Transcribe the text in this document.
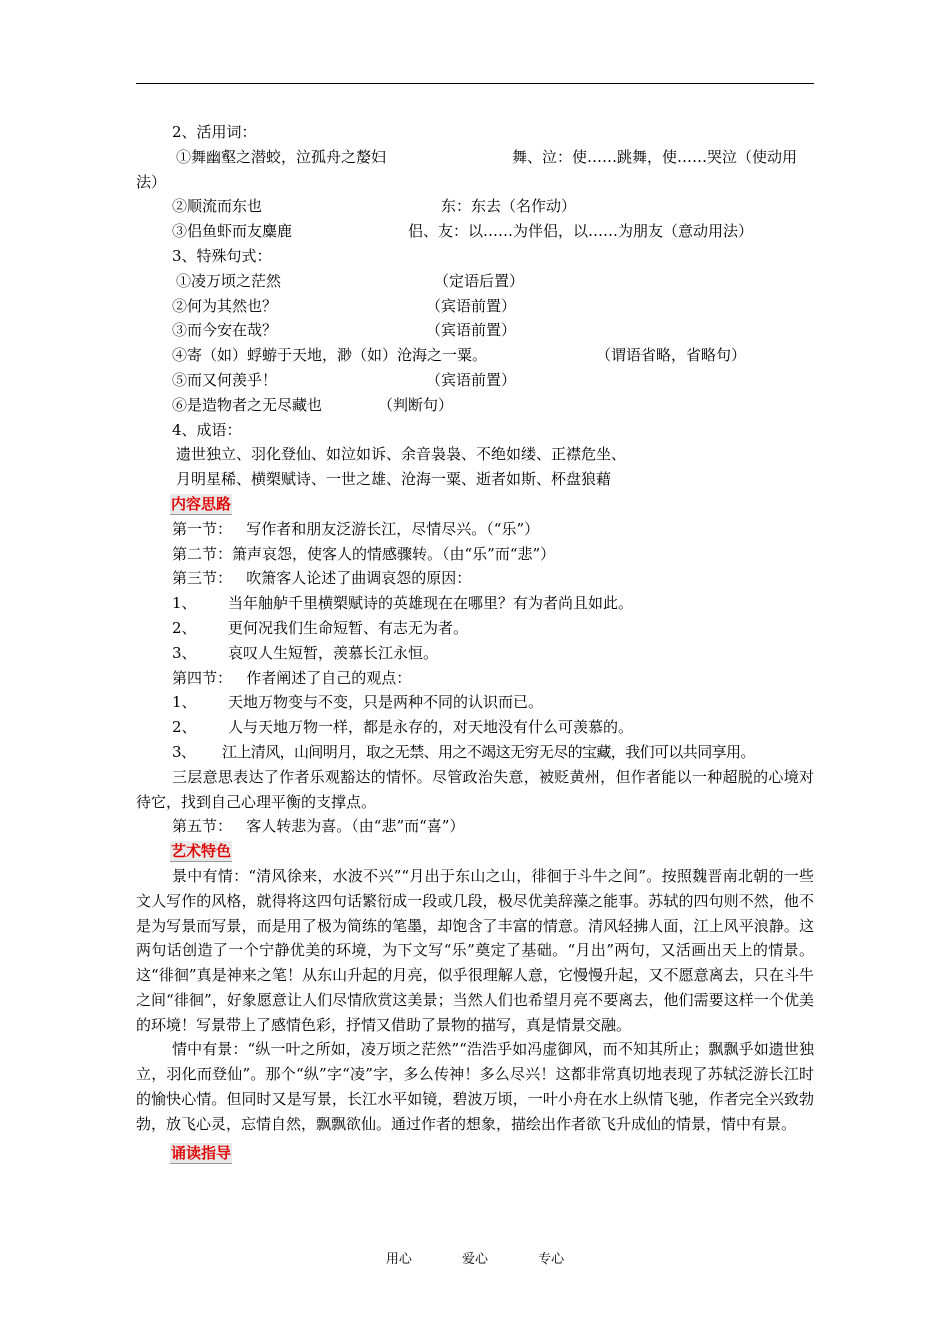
2、活用词：
①舞幽壑之潜蛟，泣孤舟之嫠妇	舞、泣：使……跳舞，使……哭泣（使动用
法）
②顺流而东也	东：东去（名作动）
③侣鱼虾而友麋鹿	侣、友：以……为伴侣，以……为朋友（意动用法）
3、特殊句式：
①凌万顷之茫然	（定语后置）
②何为其然也？	（宾语前置）
③而今安在哉？	（宾语前置）
④寄（如）蜉蝣于天地，渺（如）沧海之一粟。	（谓语省略，省略句）
⑤而又何羡乎！	（宾语前置）
⑥是造物者之无尽藏也	（判断句）
4、成语：
遗世独立、羽化登仙、如泣如诉、余音袅袅、不绝如缕、正襟危坐、
月明星稀、横槊赋诗、一世之雄、沧海一粟、逝者如斯、杯盘狼藉
内容思路
第一节：   写作者和朋友泛游长江，尽情尽兴。（“乐”）
第二节：箫声哀怨，使客人的情感骤转。（由“乐”而“悲”）
第三节：   吹箫客人论述了曲调哀怨的原因：
1、 当年舳舻千里横槊赋诗的英雄现在在哪里？有为者尚且如此。
2、 更何况我们生命短暂、有志无为者。
3、 哀叹人生短暂，羡慕长江永恒。
第四节：   作者阐述了自己的观点：
1、 天地万物变与不变，只是两种不同的认识而已。
2、 人与天地万物一样，都是永存的，对天地没有什么可羡慕的。
3、 江上清风，山间明月，取之无禁、用之不竭这无穷无尽的宝藏，我们可以共同享用。
三层意思表达了作者乐观豁达的情怀。尽管政治失意，被贬黄州，但作者能以一种超脱的心境对待它，找到自己心理平衡的支撑点。
第五节：   客人转悲为喜。（由“悲”而“喜”）
艺术特色
景中有情：“清风徐来，水波不兴”“月出于东山之山，徘徊于斗牛之间”。按照魏晋南北朝的一些文人写作的风格，就得将这四句话繁衍成一段或几段，极尽优美辞藻之能事。苏轼的四句则不然，他不是为写景而写景，而是用了极为简练的笔墨，却饱含了丰富的情意。清风轻拂人面，江上风平浪静。这两句话创造了一个宁静优美的环境，为下文写“乐”奠定了基础。“月出”两句，又活画出天上的情景。这“徘徊”真是神来之笔！从东山升起的月亮，似乎很理解人意，它慢慢升起，又不愿意离去，只在斗牛之间“徘徊”，好象愿意让人们尽情欣赏这美景；当然人们也希望月亮不要离去，他们需要这样一个优美的环境！写景带上了感情色彩，抒情又借助了景物的描写，真是情景交融。
情中有景：“纵一叶之所如，凌万顷之茫然”“浩浩乎如冯虚御风，而不知其所止；飘飘乎如遗世独立，羽化而登仙”。那个“纵”字“凌”字，多么传神！多么尽兴！这都非常真切地表现了苏轼泛游长江时的愉快心情。但同时又是写景，长江水平如镜，碧波万顷，一叶小舟在水上纵情飞驰，作者完全兴致勃勃，放飞心灵，忘情自然，飘飘欲仙。通过作者的想象，描绘出作者欲飞升成仙的情景，情中有景。
诵读指导
用心	爱心	专心
